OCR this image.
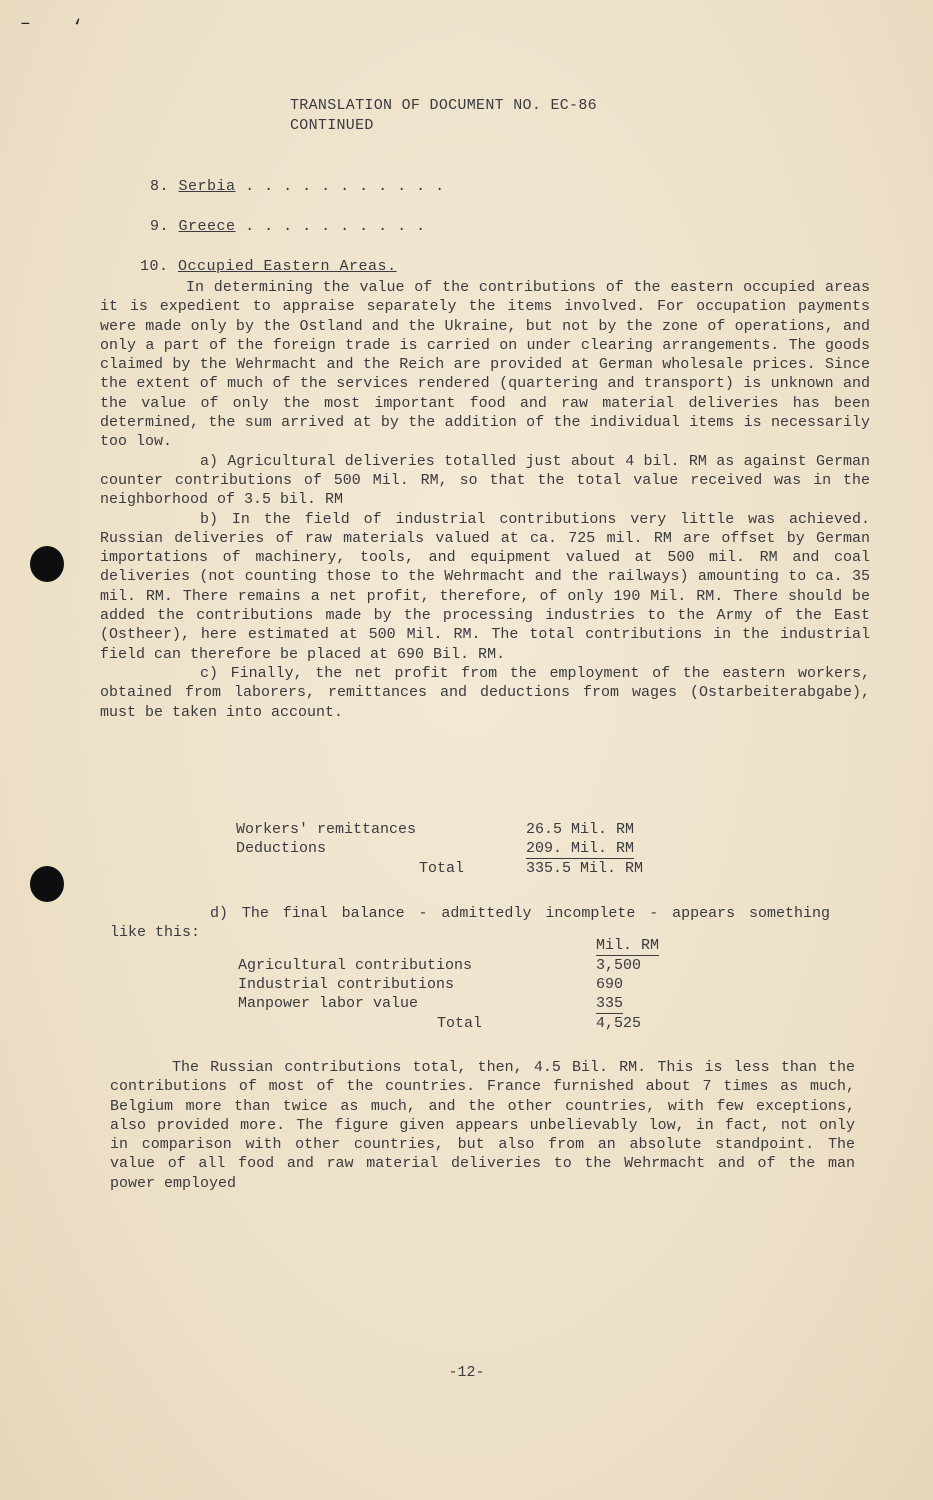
– ‘
TRANSLATION OF DOCUMENT NO. EC-86
CONTINUED
8. Serbia . . . . . . . . . . .
9. Greece . . . . . . . . . .
10. Occupied Eastern Areas.

In determining the value of the contributions of the eastern occupied areas it is expedient to appraise separately the items involved. For occupation payments were made only by the Ostland and the Ukraine, but not by the zone of operations, and only a part of the foreign trade is carried on under clearing arrangements. The goods claimed by the Wehrmacht and the Reich are provided at German wholesale prices. Since the extent of much of the services rendered (quartering and transport) is unknown and the value of only the most important food and raw material deliveries has been determined, the sum arrived at by the addition of the individual items is necessarily too low.

a) Agricultural deliveries totalled just about 4 bil. RM as against German counter contributions of 500 Mil. RM, so that the total value received was in the neighborhood of 3.5 bil. RM

b) In the field of industrial contributions very little was achieved. Russian deliveries of raw materials valued at ca. 725 mil. RM are offset by German importations of machinery, tools, and equipment valued at 500 mil. RM and coal deliveries (not counting those to the Wehrmacht and the railways) amounting to ca. 35 mil. RM. There remains a net profit, therefore, of only 190 Mil. RM. There should be added the contributions made by the processing industries to the Army of the East (Ostheer), here estimated at 500 Mil. RM. The total contributions in the industrial field can therefore be placed at 690 Bil. RM.

c) Finally, the net profit from the employment of the eastern workers, obtained from laborers, remittances and deductions from wages (Ostarbeiterabgabe), must be taken into account.

Workers' remittances	26.5 Mil. RM
Deductions	209. Mil. RM
Total	335.5 Mil. RM

d) The final balance - admittedly incomplete - appears something like this:

Mil. RM
Agricultural contributions	3,500
Industrial contributions	690
Manpower labor value	335
Total	4,525

The Russian contributions total, then, 4.5 Bil. RM. This is less than the contributions of most of the countries. France furnished about 7 times as much, Belgium more than twice as much, and the other countries, with few exceptions, also provided more. The figure given appears unbelievably low, in fact, not only in comparison with other countries, but also from an absolute standpoint. The value of all food and raw material deliveries to the Wehrmacht and of the man power employed

-12-
